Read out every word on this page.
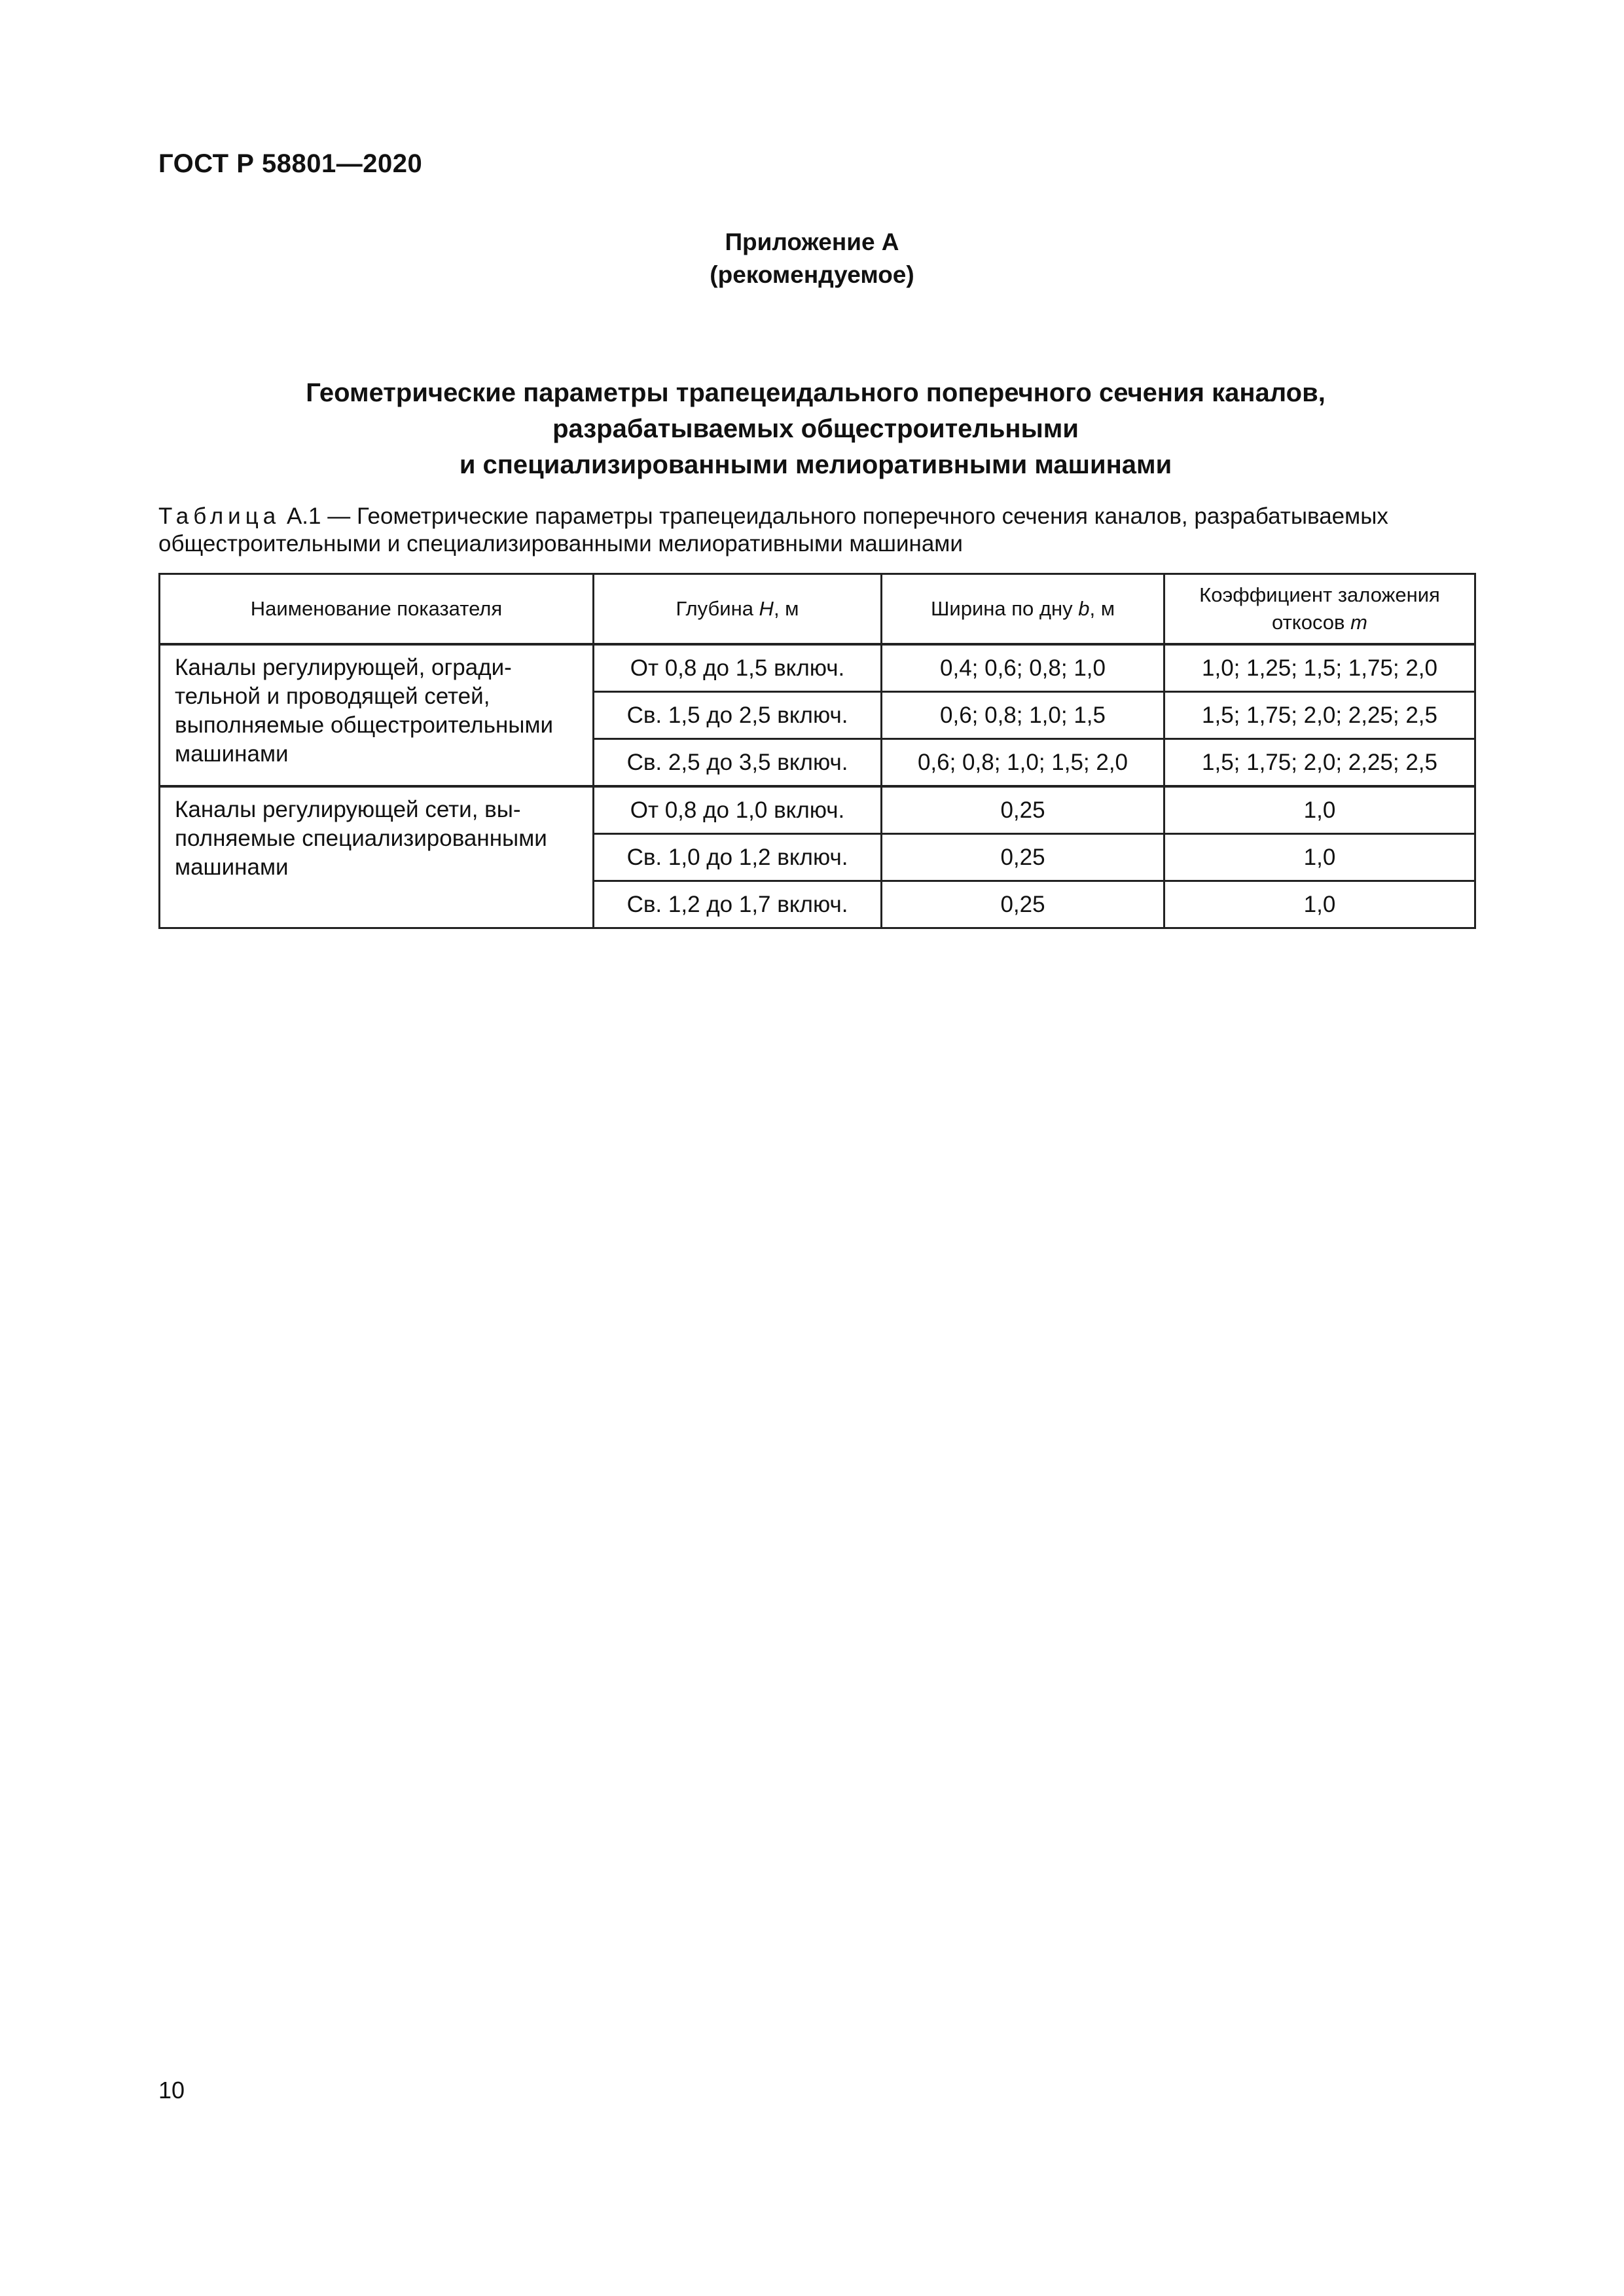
ГОСТ Р 58801—2020
Приложение А
(рекомендуемое)
Геометрические параметры трапецеидального поперечного сечения каналов,
разрабатываемых общестроительными
и специализированными мелиоративными машинами
Таблица А.1 — Геометрические параметры трапецеидального поперечного сечения каналов, разрабатываемых
общестроительными и специализированными мелиоративными машинами
Наименование показателя	Глубина H, м	Ширина по дну b, м	Коэффициент заложения
откосов m

Каналы регулирующей, огради-тельной и проводящей сетей, выполняемые общестроительными машинами	От 0,8 до 1,5 включ.	0,4; 0,6; 0,8; 1,0	1,0; 1,25; 1,5; 1,75; 2,0
	Св. 1,5 до 2,5 включ.	0,6; 0,8; 1,0; 1,5	1,5; 1,75; 2,0; 2,25; 2,5
	Св. 2,5 до 3,5 включ.	0,6; 0,8; 1,0; 1,5; 2,0	1,5; 1,75; 2,0; 2,25; 2,5
Каналы регулирующей сети, вы-полняемые специализированными машинами	От 0,8 до 1,0 включ.	0,25	1,0
	Св. 1,0 до 1,2 включ.	0,25	1,0
	Св. 1,2 до 1,7 включ.	0,25	1,0
10
